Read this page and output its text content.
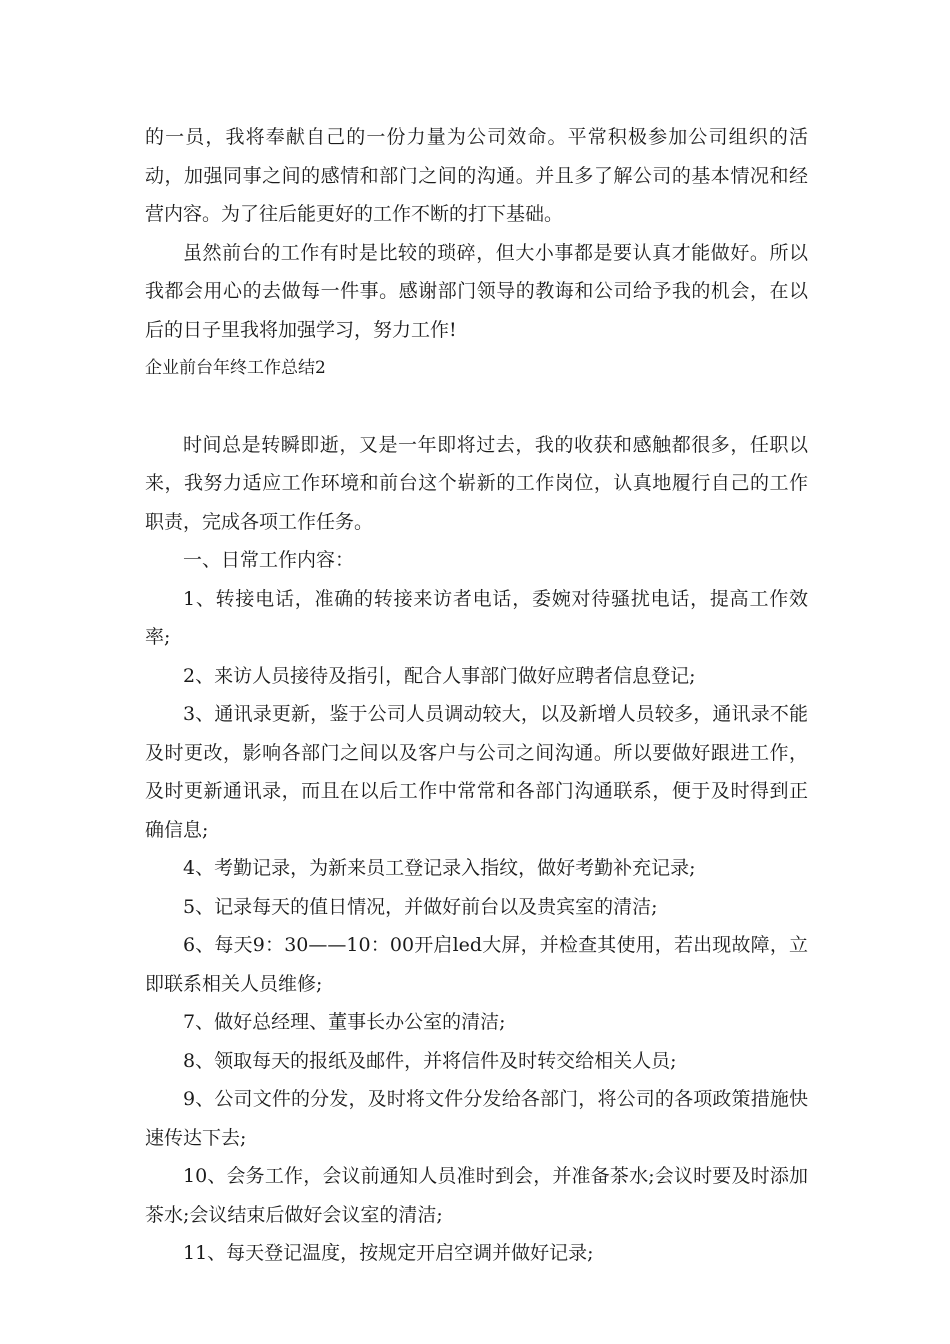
的一员，我将奉献自己的一份力量为公司效命。平常积极参加公司组织的活动，加强同事之间的感情和部门之间的沟通。并且多了解公司的基本情况和经营内容。为了往后能更好的工作不断的打下基础。

虽然前台的工作有时是比较的琐碎，但大小事都是要认真才能做好。所以我都会用心的去做每一件事。感谢部门领导的教诲和公司给予我的机会，在以后的日子里我将加强学习，努力工作!

企业前台年终工作总结2

时间总是转瞬即逝，又是一年即将过去，我的收获和感触都很多，任职以来，我努力适应工作环境和前台这个崭新的工作岗位，认真地履行自己的工作职责，完成各项工作任务。

一、日常工作内容：

1、转接电话，准确的转接来访者电话，委婉对待骚扰电话，提高工作效率;

2、来访人员接待及指引，配合人事部门做好应聘者信息登记;

3、通讯录更新，鉴于公司人员调动较大，以及新增人员较多，通讯录不能及时更改，影响各部门之间以及客户与公司之间沟通。所以要做好跟进工作，及时更新通讯录，而且在以后工作中常常和各部门沟通联系，便于及时得到正确信息;

4、考勤记录，为新来员工登记录入指纹，做好考勤补充记录;

5、记录每天的值日情况，并做好前台以及贵宾室的清洁;

6、每天9：30——10：00开启led大屏，并检查其使用，若出现故障，立即联系相关人员维修;

7、做好总经理、董事长办公室的清洁;

8、领取每天的报纸及邮件，并将信件及时转交给相关人员;

9、公司文件的分发，及时将文件分发给各部门，将公司的各项政策措施快速传达下去;

10、会务工作，会议前通知人员准时到会，并准备茶水;会议时要及时添加茶水;会议结束后做好会议室的清洁;

11、每天登记温度，按规定开启空调并做好记录;
